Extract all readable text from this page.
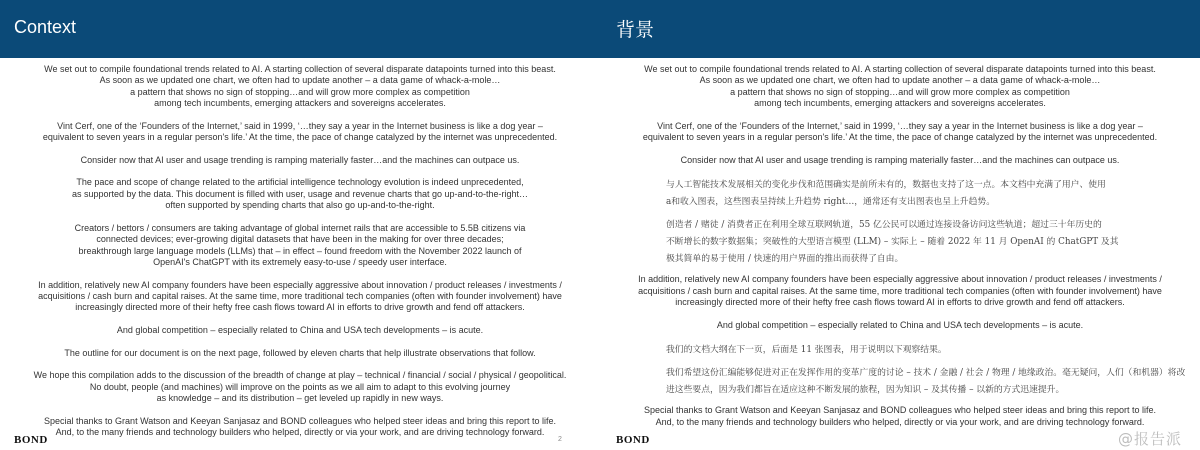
Context
We set out to compile foundational trends related to AI. A starting collection of several disparate datapoints turned into this beast.
As soon as we updated one chart, we often had to update another – a data game of whack-a-mole…
a pattern that shows no sign of stopping…and will grow more complex as competition
among tech incumbents, emerging attackers and sovereigns accelerates.
Vint Cerf, one of the ‘Founders of the Internet,’ said in 1999, ‘…they say a year in the Internet business is like a dog year –
equivalent to seven years in a regular person's life.’ At the time, the pace of change catalyzed by the internet was unprecedented.
Consider now that AI user and usage trending is ramping materially faster…and the machines can outpace us.
The pace and scope of change related to the artificial intelligence technology evolution is indeed unprecedented,
as supported by the data. This document is filled with user, usage and revenue charts that go up-and-to-the-right…
often supported by spending charts that also go up-and-to-the-right.
Creators / bettors / consumers are taking advantage of global internet rails that are accessible to 5.5B citizens via
connected devices; ever-growing digital datasets that have been in the making for over three decades;
breakthrough large language models (LLMs) that – in effect – found freedom with the November 2022 launch of
OpenAI's ChatGPT with its extremely easy-to-use / speedy user interface.
In addition, relatively new AI company founders have been especially aggressive about innovation / product releases / investments /
acquisitions / cash burn and capital raises. At the same time, more traditional tech companies (often with founder involvement) have
increasingly directed more of their hefty free cash flows toward AI in efforts to drive growth and fend off attackers.
And global competition – especially related to China and USA tech developments – is acute.
The outline for our document is on the next page, followed by eleven charts that help illustrate observations that follow.
We hope this compilation adds to the discussion of the breadth of change at play – technical / financial / social / physical / geopolitical.
No doubt, people (and machines) will improve on the points as we all aim to adapt to this evolving journey
as knowledge – and its distribution – get leveled up rapidly in new ways.
Special thanks to Grant Watson and Keeyan Sanjasaz and BOND colleagues who helped steer ideas and bring this report to life.
And, to the many friends and technology builders who helped, directly or via your work, and are driving technology forward.
BOND	2
背景
We set out to compile foundational trends related to AI. A starting collection of several disparate datapoints turned into this beast.
As soon as we updated one chart, we often had to update another – a data game of whack-a-mole…
a pattern that shows no sign of stopping…and will grow more complex as competition
among tech incumbents, emerging attackers and sovereigns accelerates.
Vint Cerf, one of the ‘Founders of the Internet,’ said in 1999, ‘…they say a year in the Internet business is like a dog year –
equivalent to seven years in a regular person's life.’ At the time, the pace of change catalyzed by the internet was unprecedented.
Consider now that AI user and usage trending is ramping materially faster…and the machines can outpace us.
与人工智能技术发展相关的变化步伐和范围确实是前所未有的，数据也支持了这一点。本文档中充满了用户、使用
a和收入图表，这些图表呈持续上升趋势 right…，通常还有支出图表也呈上升趋势。
创造者 / 赌徒 / 消费者正在利用全球互联网轨道，55 亿公民可以通过连接设备访问这些轨道；超过三十年历史的
不断增长的数字数据集；突破性的大型语言模型 (LLM) – 实际上 – 随着 2022 年 11 月 OpenAI 的 ChatGPT 及其
极其简单的易于使用 / 快速的用户界面的推出而获得了自由。
In addition, relatively new AI company founders have been especially aggressive about innovation / product releases / investments /
acquisitions / cash burn and capital raises. At the same time, more traditional tech companies (often with founder involvement) have
increasingly directed more of their hefty free cash flows toward AI in efforts to drive growth and fend off attackers.
And global competition – especially related to China and USA tech developments – is acute.
我们的文档大纲在下一页，后面是 11 张图表，用于说明以下观察结果。
我们希望这份汇编能够促进对正在发挥作用的变革广度的讨论 – 技术 / 金融 / 社会 / 物理 / 地缘政治。毫无疑问，人们（和机器）将改
进这些要点，因为我们都旨在适应这种不断发展的旅程，因为知识 – 及其传播 – 以新的方式迅速提升。
Special thanks to Grant Watson and Keeyan Sanjasaz and BOND colleagues who helped steer ideas and bring this report to life.
And, to the many friends and technology builders who helped, directly or via your work, and are driving technology forward.
BOND	@报告派
